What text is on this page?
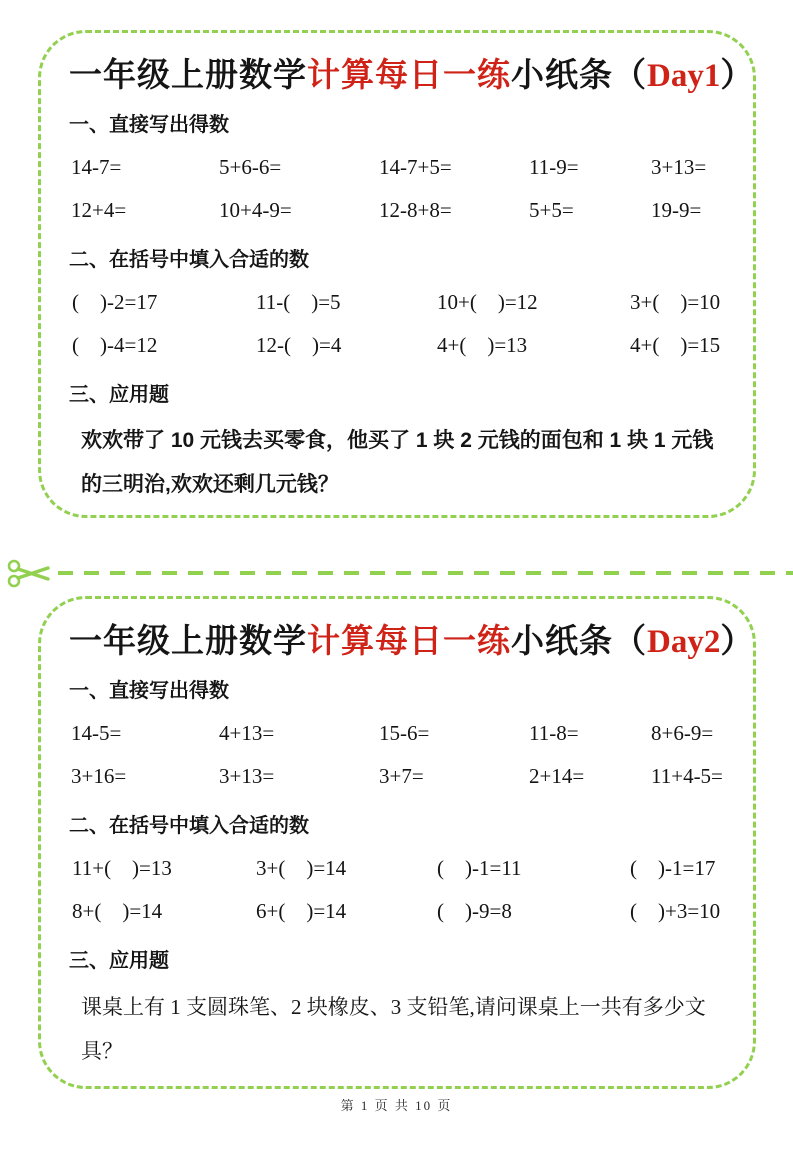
一年级上册数学计算每日一练小纸条（Day1）
一、直接写出得数
14-7=	5+6-6=	14-7+5=	11-9=	3+13=
12+4=	10+4-9=	12-8+8=	5+5=	19-9=
二、在括号中填入合适的数
(　)-2=17	11-(　)=5	10+(　)=12	3+(　)=10
(　)-4=12	12-(　)=4	4+(　)=13	4+(　)=15
三、应用题

欢欢带了 10 元钱去买零食，他买了 1 块 2 元钱的面包和 1 块 1 元钱的三明治,欢欢还剩几元钱？

一年级上册数学计算每日一练小纸条（Day2）
一、直接写出得数
14-5=	4+13=	15-6=	11-8=	8+6-9=
3+16=	3+13=	3+7=	2+14=	11+4-5=
二、在括号中填入合适的数
11+(　)=13	3+(　)=14	(　)-1=11	(　)-1=17
8+(　)=14	6+(　)=14	(　)-9=8	(　)+3=10
三、应用题

课桌上有 1 支圆珠笔、2 块橡皮、3 支铅笔,请问课桌上一共有多少文具？

第 1 页 共 10 页
